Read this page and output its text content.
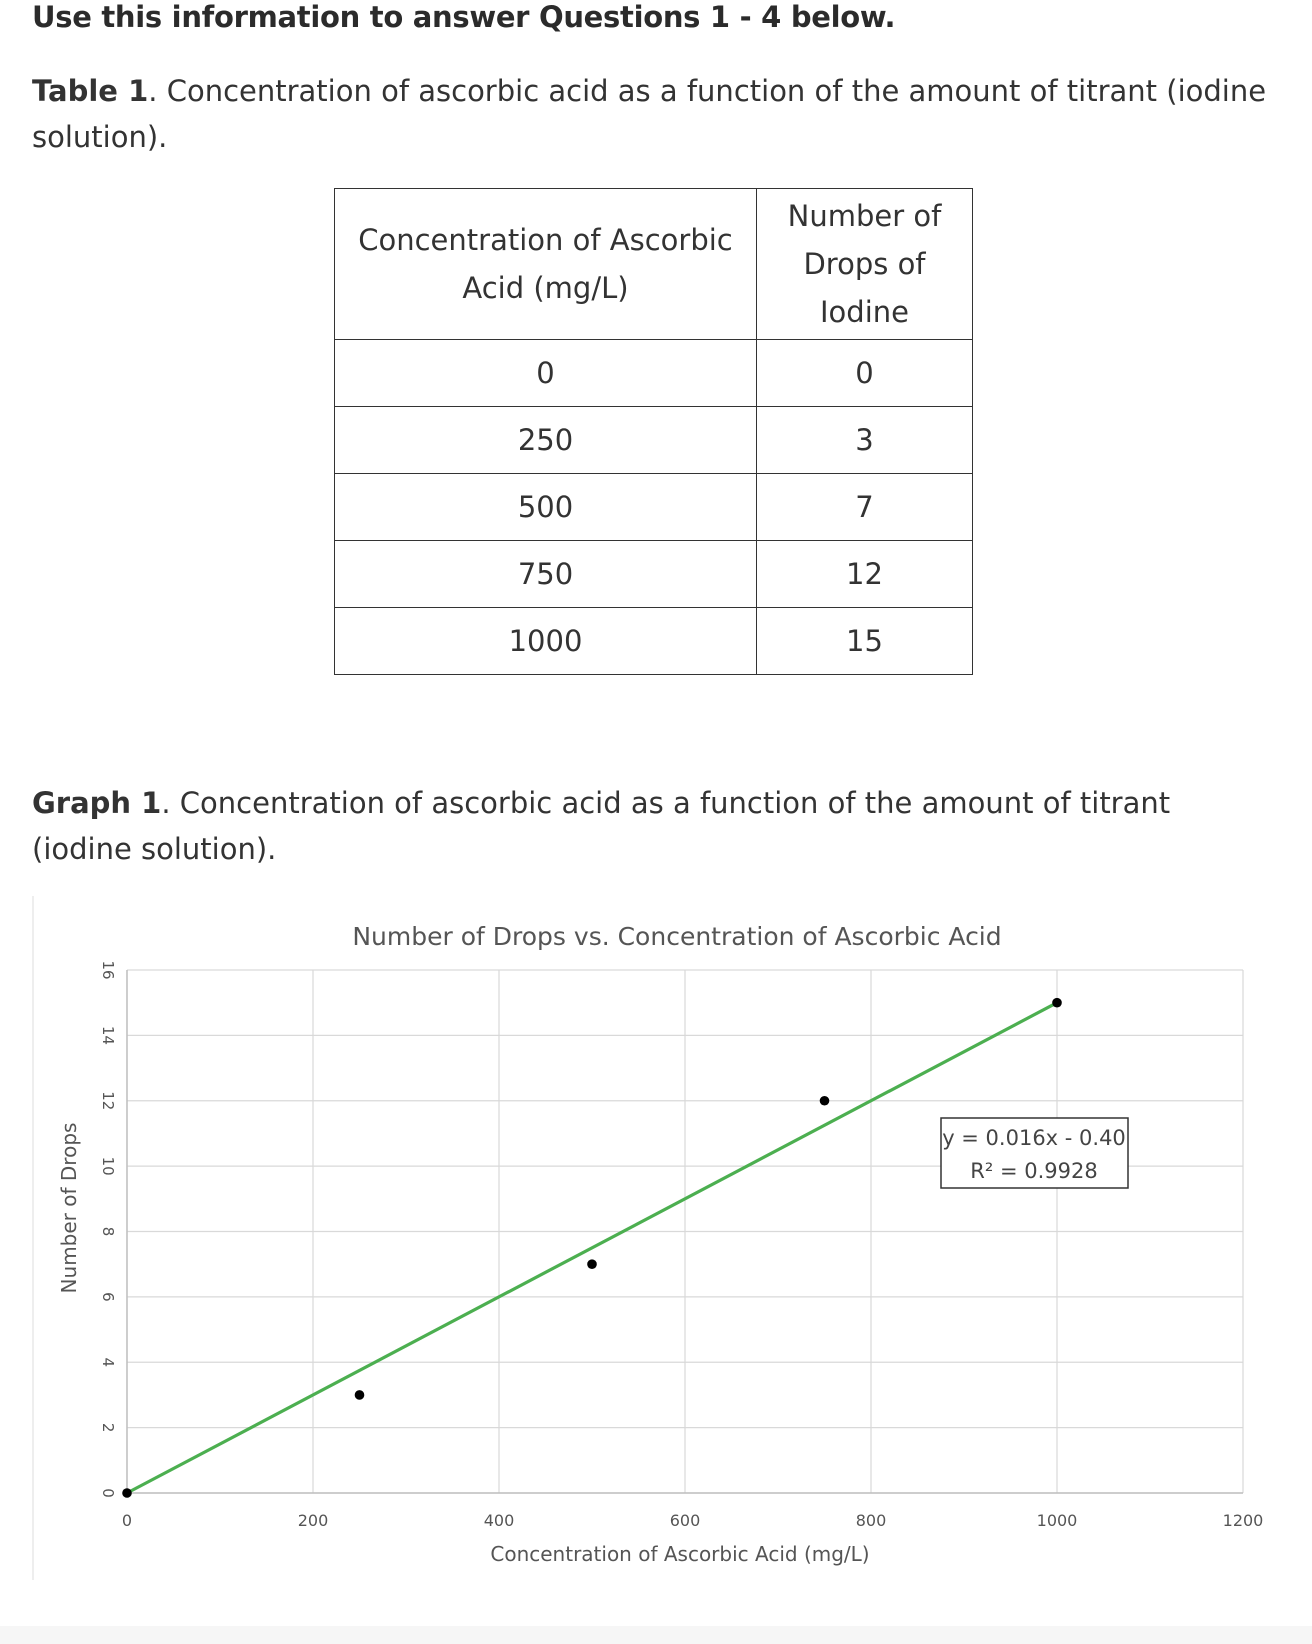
Use this information to answer Questions 1 - 4 below.

Table 1. Concentration of ascorbic acid as a function of the amount of titrant (iodine solution).

Concentration of Ascorbic Acid (mg/L)	Number of Drops of Iodine
0	0
250	3
500	7
750	12
1000	15

Graph 1. Concentration of ascorbic acid as a function of the amount of titrant (iodine solution).

0
2
4
6
8
10
12
14
16
0	200	400	600	800	1000	1200
Number of Drops vs. Concentration of Ascorbic Acid
Concentration of Ascorbic Acid (mg/L)
Number of Drops	y = 0.016x - 0.40
R² = 0.9928
